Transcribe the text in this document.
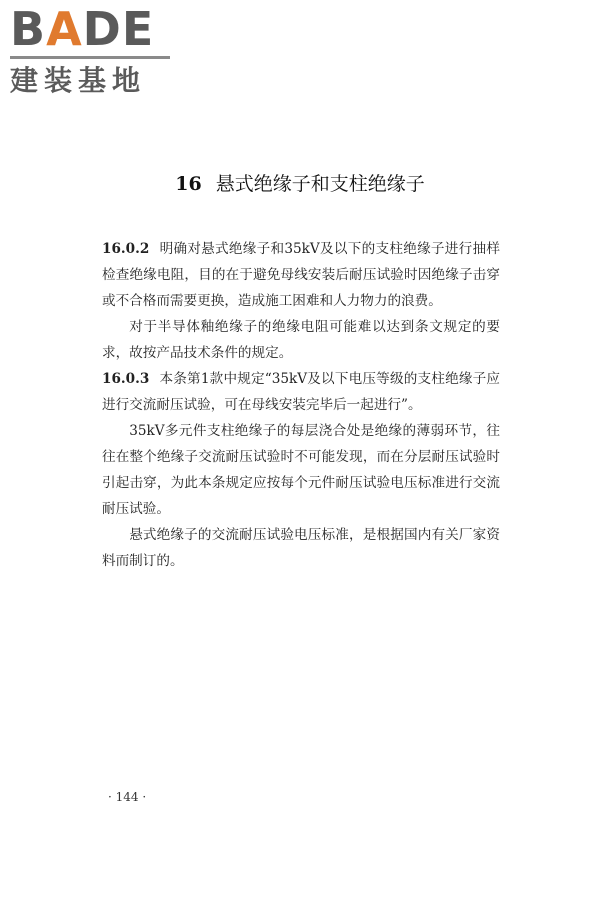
BADE
建装基地
16 悬式绝缘子和支柱绝缘子

16.0.2 明确对悬式绝缘子和35kV及以下的支柱绝缘子进行抽样检查绝缘电阻，目的在于避免母线安装后耐压试验时因绝缘子击穿或不合格而需要更换，造成施工困难和人力物力的浪费。

对于半导体釉绝缘子的绝缘电阻可能难以达到条文规定的要求，故按产品技术条件的规定。

16.0.3 本条第1款中规定“35kV及以下电压等级的支柱绝缘子应进行交流耐压试验，可在母线安装完毕后一起进行”。

35kV多元件支柱绝缘子的每层浇合处是绝缘的薄弱环节，往往在整个绝缘子交流耐压试验时不可能发现，而在分层耐压试验时引起击穿，为此本条规定应按每个元件耐压试验电压标准进行交流耐压试验。

悬式绝缘子的交流耐压试验电压标准，是根据国内有关厂家资料而制订的。

· 144 ·
